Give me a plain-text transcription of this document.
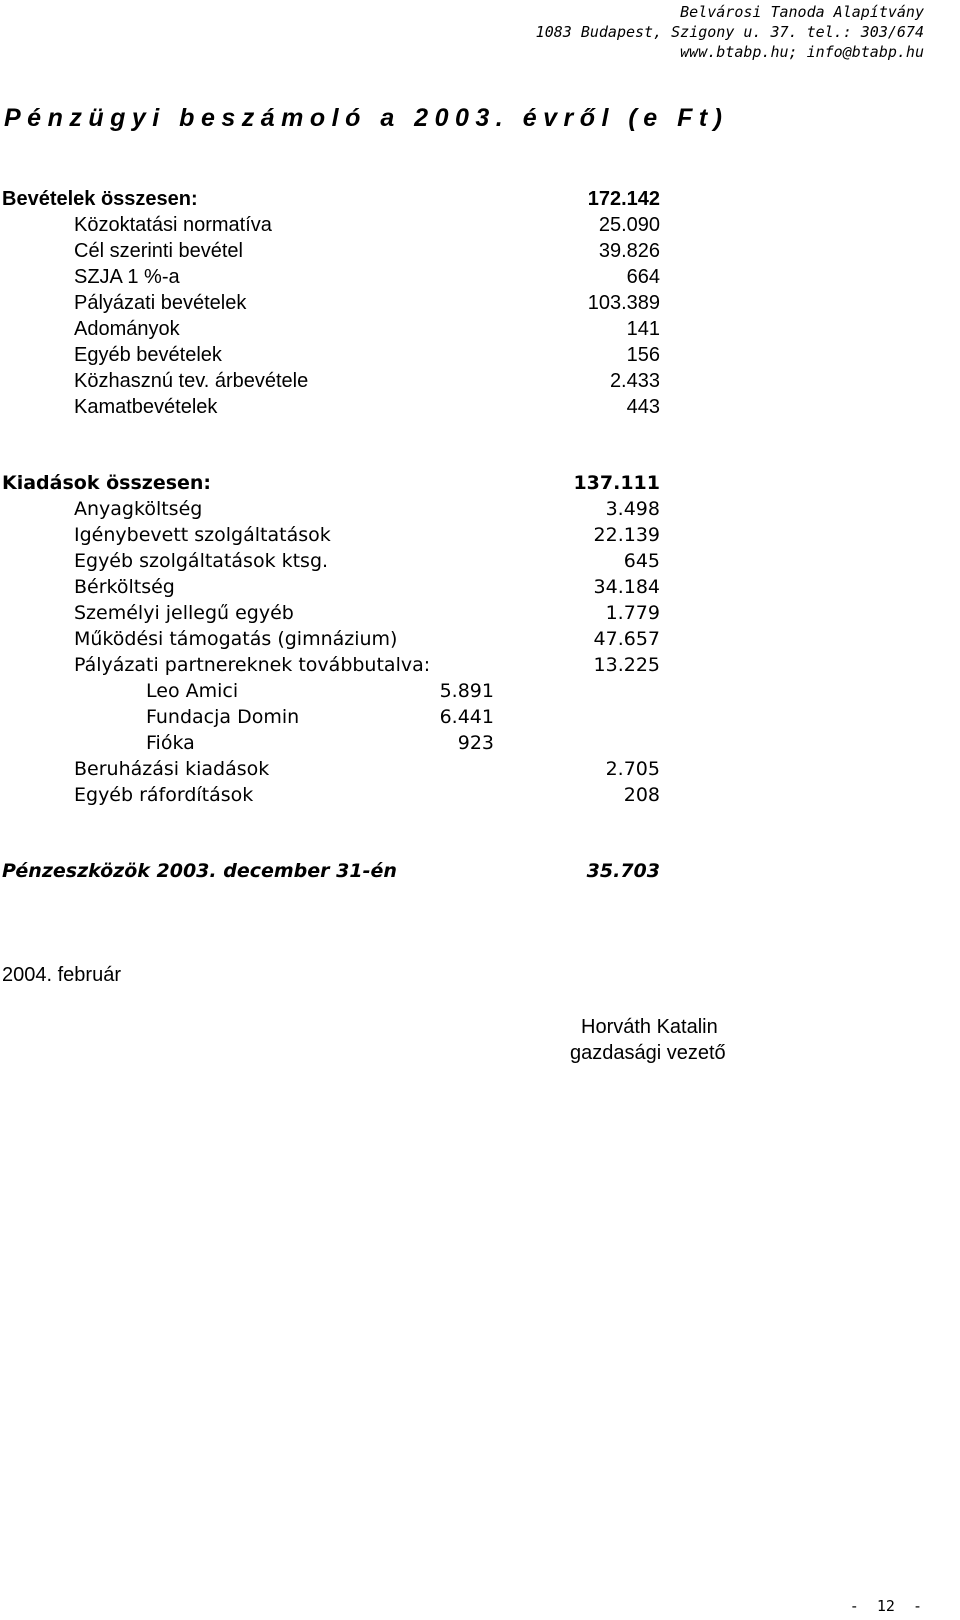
Belvárosi Tanoda Alapítvány
1083 Budapest, Szigony u. 37. tel.: 303/674
www.btabp.hu; info@btabp.hu
Pénzügyi beszámoló a 2003. évről (e Ft)
Bevételek összesen:	172.142
Közoktatási normatíva	25.090
Cél szerinti bevétel	39.826
SZJA 1 %-a	664
Pályázati bevételek	103.389
Adományok	141
Egyéb bevételek	156
Közhasznú tev. árbevétele	2.433
Kamatbevételek	443
Kiadások összesen:	137.111
Anyagköltség	3.498
Igénybevett szolgáltatások	22.139
Egyéb szolgáltatások ktsg.	645
Bérköltség	34.184
Személyi jellegű egyéb	1.779
Működési támogatás (gimnázium)	47.657
Pályázati partnereknek továbbutalva:	13.225
Leo Amici	5.891
Fundacja Domin	6.441
Fióka	923
Beruházási kiadások	2.705
Egyéb ráfordítások	208
Pénzeszközök 2003. december 31-én	35.703
2004. február
Horváth Katalin
gazdasági vezető
-  12  -
